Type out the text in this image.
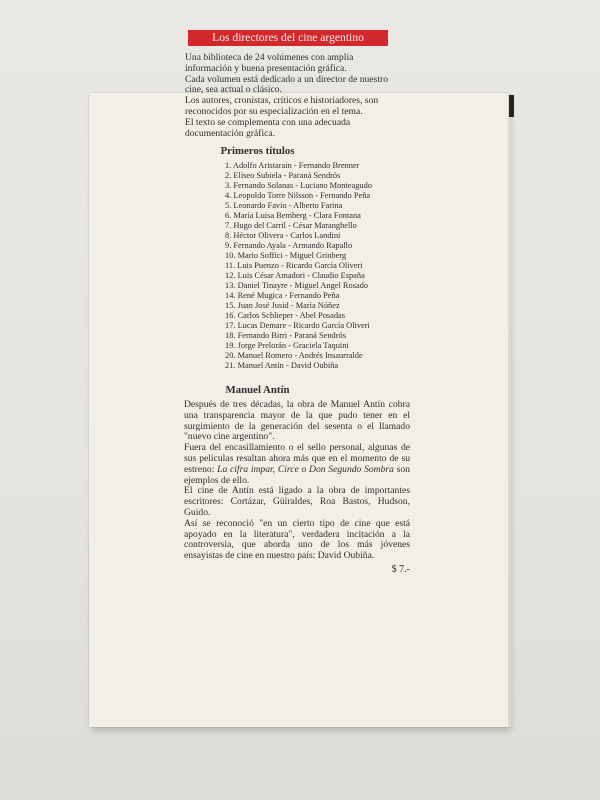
Los directores del cine argentino

Una biblioteca de 24 volúmenes con amplia información y buena presentación gráfica.

Cada volumen está dedicado a un director de nuestro cine, sea actual o clásico.

Los autores, cronistas, críticos e historiadores, son reconocidos por su especialización en el tema.

El texto se complementa con una adecuada documentación gráfica.

Primeros títulos
1. Adolfo Aristarain - Fernando Brenner
2. Eliseo Subiela - Paraná Sendrós
3. Fernando Solanas - Luciano Monteagudo
4. Leopoldo Torre Nilsson - Fernando Peña
5. Leonardo Favio - Alberto Farina
6. María Luisa Bemberg - Clara Fontana
7. Hugo del Carril - César Maranghello
8. Héctor Olivera - Carlos Landini
9. Fernando Ayala - Armando Rapallo
10. Mario Soffici - Miguel Grinberg
11. Luis Puenzo - Ricardo García Oliveri
12. Luis César Amadori - Claudio España
13. Daniel Tinayre - Miguel Angel Rosado
14. René Mugica - Fernando Peña
15. Juan José Jusid - María Núñez
16. Carlos Schlieper - Abel Posadas
17. Lucas Demare - Ricardo García Oliveri
18. Fernando Birri - Paraná Sendrós
19. Jorge Prelorán - Graciela Taquini
20. Manuel Romero - Andrés Insaurralde
21. Manuel Antín - David Oubiña
Manuel Antín

Después de tres décadas, la obra de Manuel Antín cobra una transparencia mayor de la que pudo tener en el surgimiento de la generación del sesenta o el llamado "nuevo cine argentino".

Fuera del encasillamiento o el sello personal, algunas de sus películas resaltan ahora más que en el momento de su estreno: La cifra impar, Circe o Don Segundo Sombra son ejemplos de ello.

El cine de Antín está ligado a la obra de importantes escritores: Cortázar, Güiraldes, Roa Bastos, Hudson, Guido.

Así se reconoció "en un cierto tipo de cine que está apoyado en la literatura", verdadera incitación a la controversia, que aborda uno de los más jóvenes ensayistas de cine en nuestro país: David Oubiña.

$ 7.-
